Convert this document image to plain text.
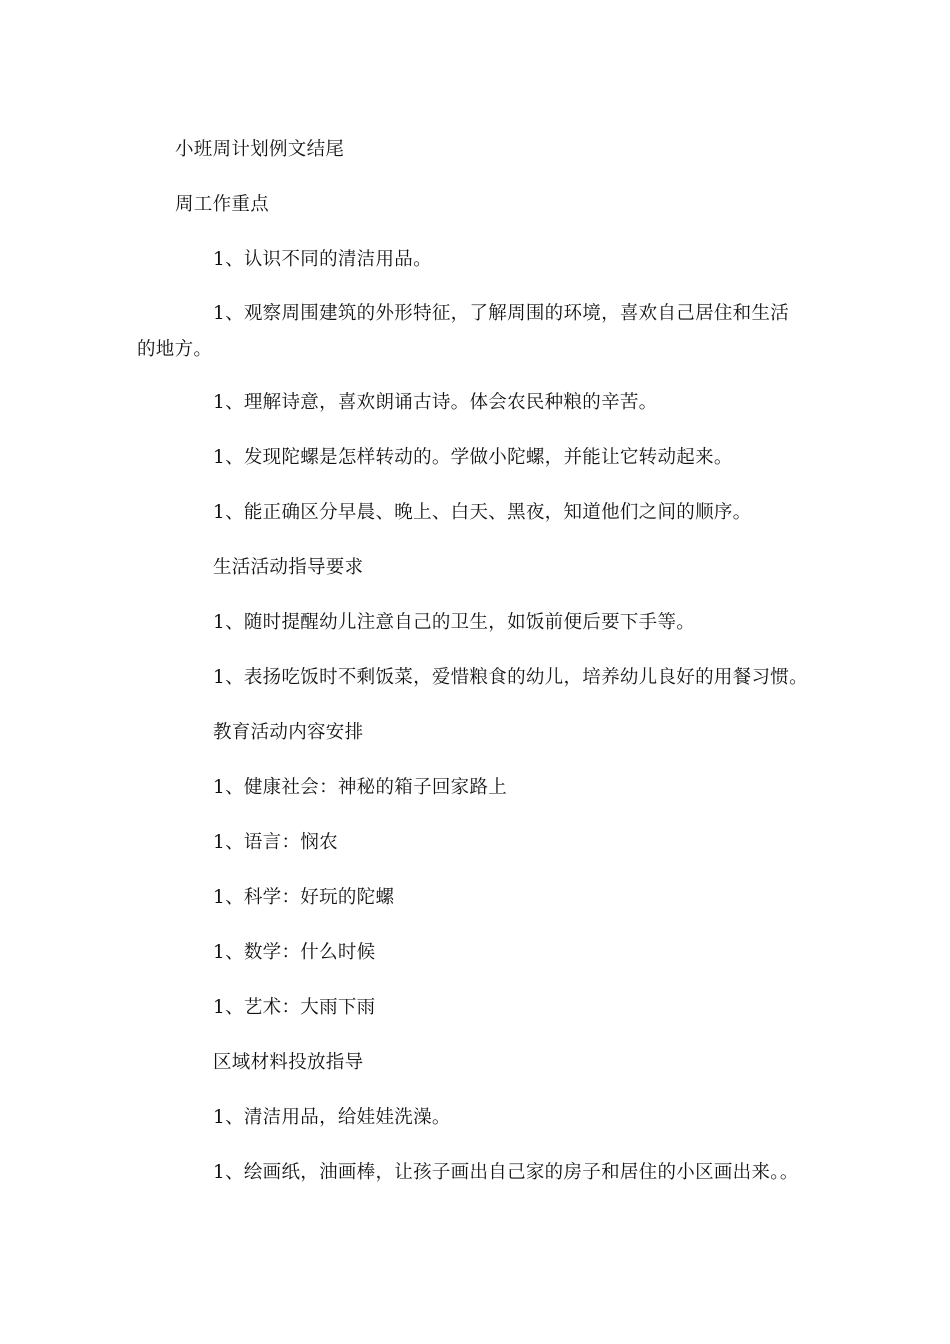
小班周计划例文结尾
周工作重点
1、认识不同的清洁用品。
1、观察周围建筑的外形特征，了解周围的环境，喜欢自己居住和生活的地方。
1、理解诗意，喜欢朗诵古诗。体会农民种粮的辛苦。
1、发现陀螺是怎样转动的。学做小陀螺，并能让它转动起来。
1、能正确区分早晨、晚上、白天、黑夜，知道他们之间的顺序。
生活活动指导要求
1、随时提醒幼儿注意自己的卫生，如饭前便后要下手等。
1、表扬吃饭时不剩饭菜，爱惜粮食的幼儿，培养幼儿良好的用餐习惯。
教育活动内容安排
1、健康社会：神秘的箱子回家路上
1、语言：悯农
1、科学：好玩的陀螺
1、数学：什么时候
1、艺术：大雨下雨
区域材料投放指导
1、清洁用品，给娃娃洗澡。
1、绘画纸，油画棒，让孩子画出自己家的房子和居住的小区画出来。。
